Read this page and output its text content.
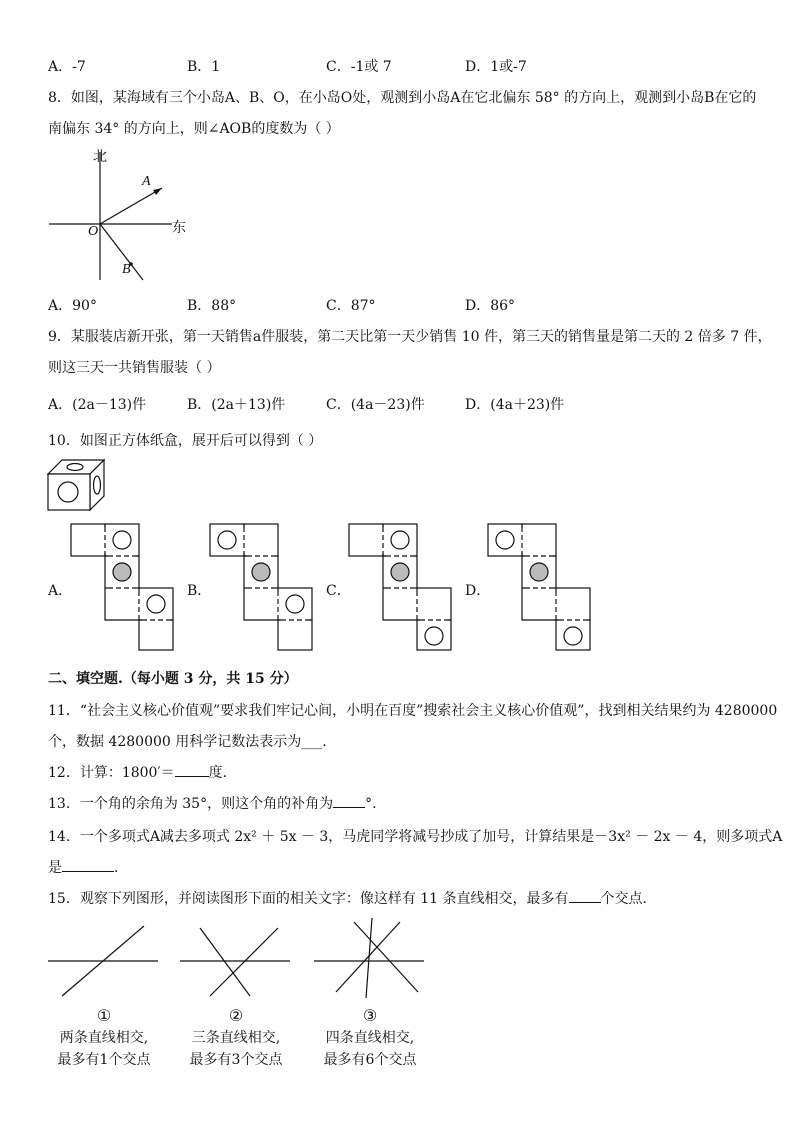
A．-7	B．1	C．-1或 7	D．1或-7
8．如图，某海域有三个小岛A、B、O，在小岛O处，观测到小岛A在它北偏东 58° 的方向上，观测到小岛B在它的
南偏东 34° 的方向上，则∠AOB的度数为（ ）
北
A
东
O
B
A．90°	B．88°	C．87°	D．86°
9．某服装店新开张，第一天销售a件服装，第二天比第一天少销售 10 件，第三天的销售量是第二天的 2 倍多 7 件，
则这三天一共销售服装（ ）
A．(2a－13)件	B．(2a＋13)件	C．(4a－23)件	D．(4a＋23)件
10．如图正方体纸盒，展开后可以得到（ ）
A．	B．	C．	D．
二、填空题.（每小题 3 分，共 15 分）
11．“社会主义核心价值观”要求我们牢记心间，小明在百度”搜索社会主义核心价值观”，找到相关结果约为 4280000
个，数据 4280000 用科学记数法表示为___.
12．计算：1800′＝ 度.
13．一个角的余角为 35°，则这个角的补角为 °.
14．一个多项式A减去多项式 2x² ＋ 5x － 3，马虎同学将减号抄成了加号，计算结果是－3x² － 2x － 4，则多项式A
是	.
15．观察下列图形，并阅读图形下面的相关文字：像这样有 11 条直线相交，最多有 个交点.
①
两条直线相交,
最多有1个交点
②
三条直线相交,
最多有3个交点
③
四条直线相交,
最多有6个交点
